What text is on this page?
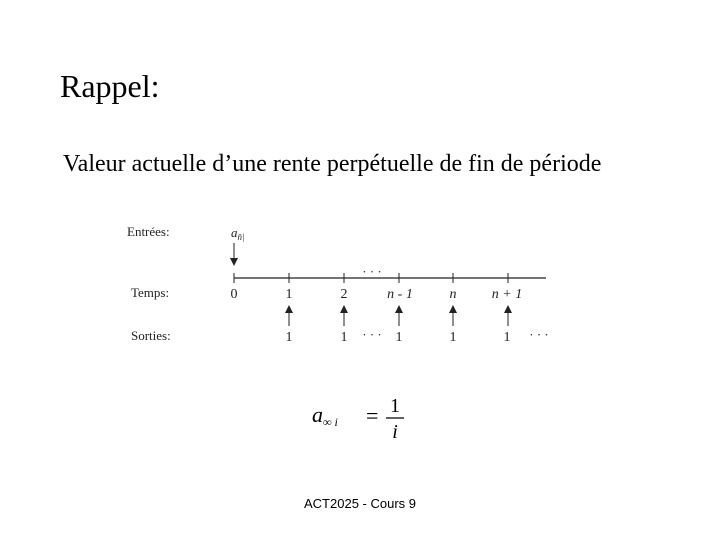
Rappel:
Valeur actuelle d’une rente perpétuelle de fin de période
Entrées:
Temps:
Sorties:
$a_{n̄|}$
· · ·
0	1	2	n - 1	n	n + 1
1	1 · · · 1	1	1 · · ·
a∞ i = 1
i
ACT2025 - Cours 9
